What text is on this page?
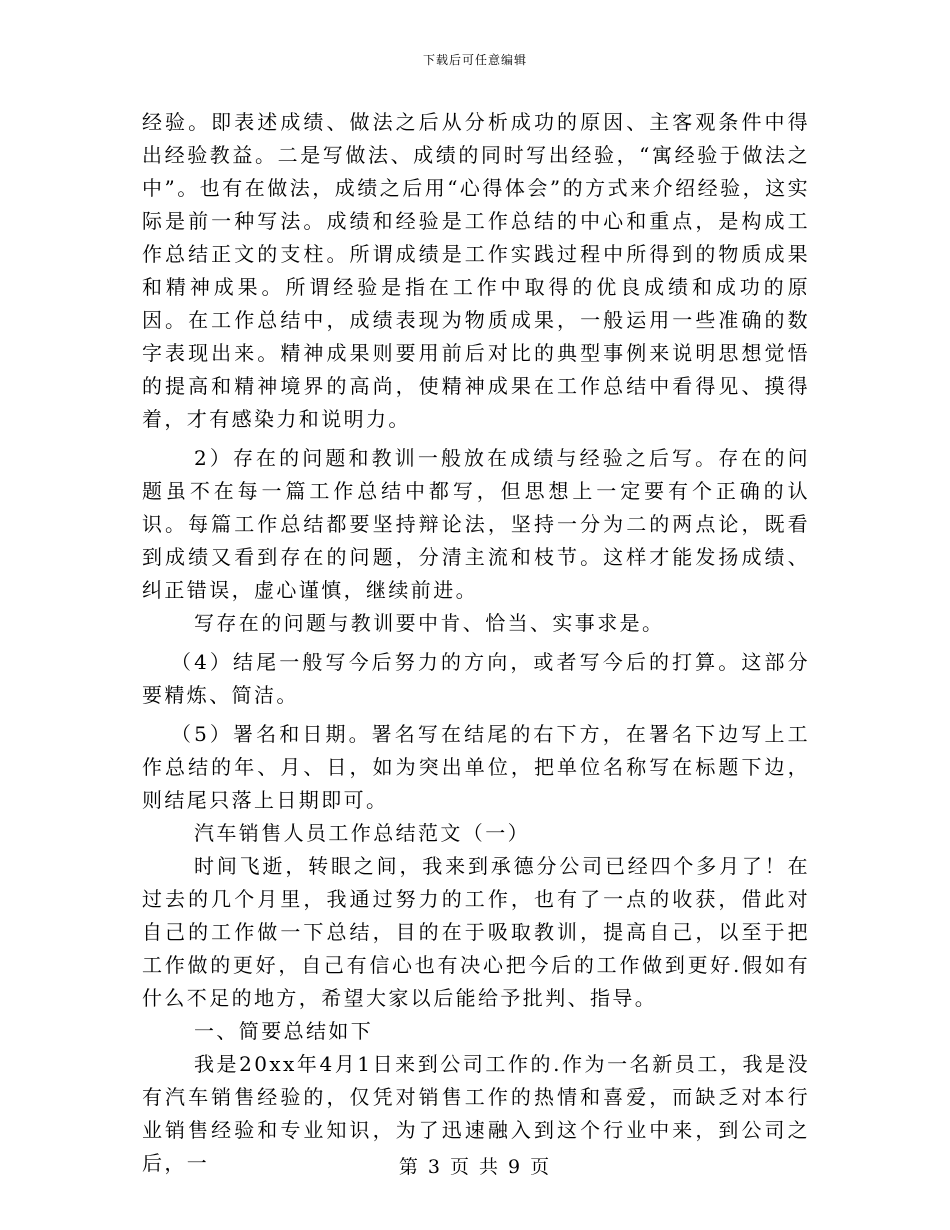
下载后可任意编辑

经验。即表述成绩、做法之后从分析成功的原因、主客观条件中得出经验教益。二是写做法、成绩的同时写出经验，“寓经验于做法之中”。也有在做法，成绩之后用“心得体会”的方式来介绍经验，这实际是前一种写法。成绩和经验是工作总结的中心和重点，是构成工作总结正文的支柱。所谓成绩是工作实践过程中所得到的物质成果和精神成果。所谓经验是指在工作中取得的优良成绩和成功的原因。在工作总结中，成绩表现为物质成果，一般运用一些准确的数字表现出来。精神成果则要用前后对比的典型事例来说明思想觉悟的提高和精神境界的高尚，使精神成果在工作总结中看得见、摸得着，才有感染力和说明力。

2）存在的问题和教训一般放在成绩与经验之后写。存在的问题虽不在每一篇工作总结中都写，但思想上一定要有个正确的认识。每篇工作总结都要坚持辩论法，坚持一分为二的两点论，既看到成绩又看到存在的问题，分清主流和枝节。这样才能发扬成绩、纠正错误，虚心谨慎，继续前进。

写存在的问题与教训要中肯、恰当、实事求是。

（4）结尾一般写今后努力的方向，或者写今后的打算。这部分要精炼、简洁。

（5）署名和日期。署名写在结尾的右下方，在署名下边写上工作总结的年、月、日，如为突出单位，把单位名称写在标题下边，则结尾只落上日期即可。

汽车销售人员工作总结范文（一）

时间飞逝，转眼之间，我来到承德分公司已经四个多月了！在过去的几个月里，我通过努力的工作，也有了一点的收获，借此对自己的工作做一下总结，目的在于吸取教训，提高自己，以至于把工作做的更好，自己有信心也有决心把今后的工作做到更好.假如有什么不足的地方，希望大家以后能给予批判、指导。

一、简要总结如下

我是20xx年4月1日来到公司工作的.作为一名新员工，我是没有汽车销售经验的，仅凭对销售工作的热情和喜爱，而缺乏对本行业销售经验和专业知识，为了迅速融入到这个行业中来，到公司之后，一	第 3 页 共 9 页
